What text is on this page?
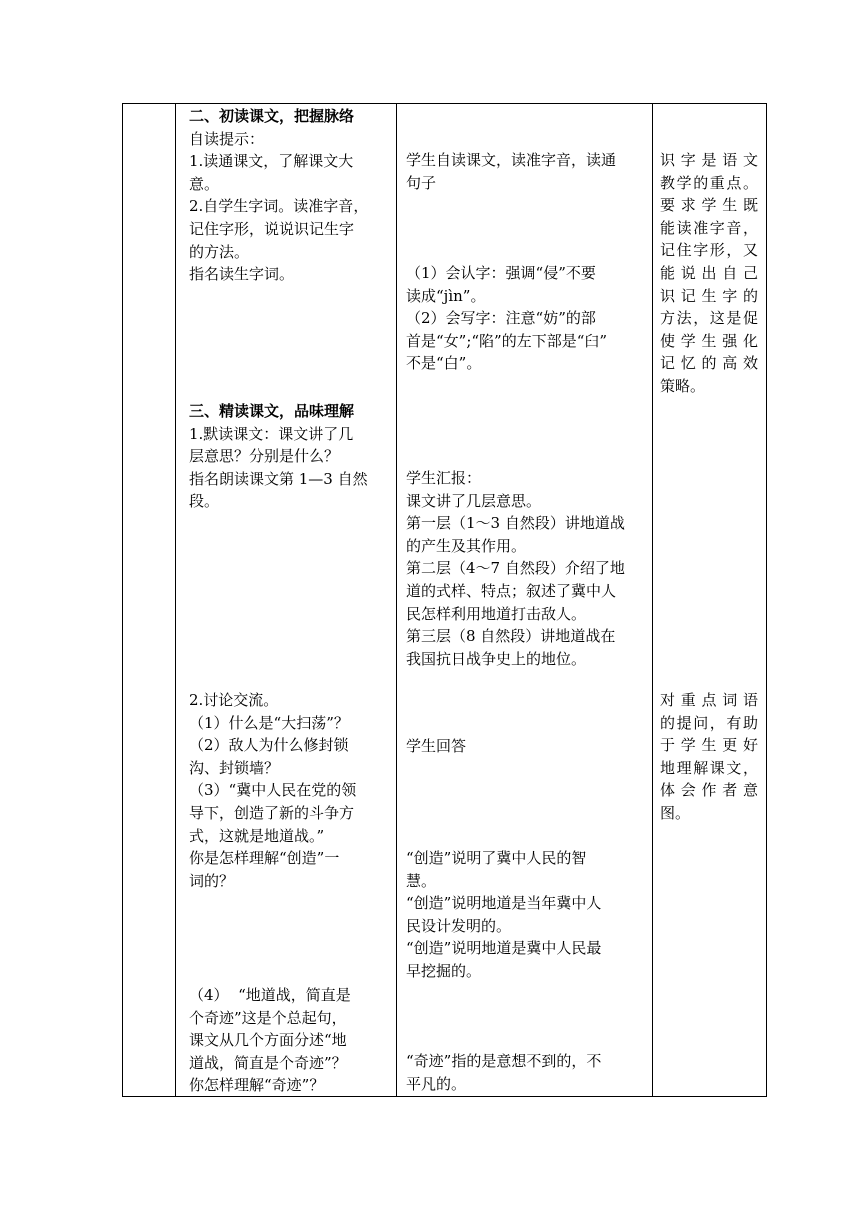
二、初读课文，把握脉络
自读提示：
1.读通课文，了解课文大
意。
2.自学生字词。读准字音，
记住字形，说说识记生字
的方法。
指名读生字词。
三、精读课文，品味理解
1.默读课文：课文讲了几
层意思？分别是什么？
指名朗读课文第 1—3 自然
段。
2.讨论交流。
（1）什么是“大扫荡”？
（2）敌人为什么修封锁
沟、封锁墙？
（3）“冀中人民在党的领
导下，创造了新的斗争方
式，这就是地道战。”
你是怎样理解“创造”一
词的？
（4）  “地道战，简直是
个奇迹”这是个总起句，
课文从几个方面分述“地
道战，简直是个奇迹”？
你怎样理解“奇迹”？
学生自读课文，读准字音，读通
句子
（1）会认字：强调“侵”不要
读成“jìn”。
（2）会写字：注意“妨”的部
首是“女”;“陷”的左下部是“臼”
不是“白”。
学生汇报：
课文讲了几层意思。
第一层（1～3 自然段）讲地道战
的产生及其作用。
第二层（4～7 自然段）介绍了地
道的式样、特点；叙述了冀中人
民怎样利用地道打击敌人。
第三层（8 自然段）讲地道战在
我国抗日战争史上的地位。
学生回答
“创造”说明了冀中人民的智
慧。
“创造”说明地道是当年冀中人
民设计发明的。
“创造”说明地道是冀中人民最
早挖掘的。
“奇迹”指的是意想不到的，不
平凡的。
识字是语文
教学的重点。
要求学生既
能读准字音，
记住字形，又
能说出自己
识记生字的
方法，这是促
使学生强化
记忆的高效
策略。
对重点词语
的提问，有助
于学生更好
地理解课文，
体会作者意
图。
